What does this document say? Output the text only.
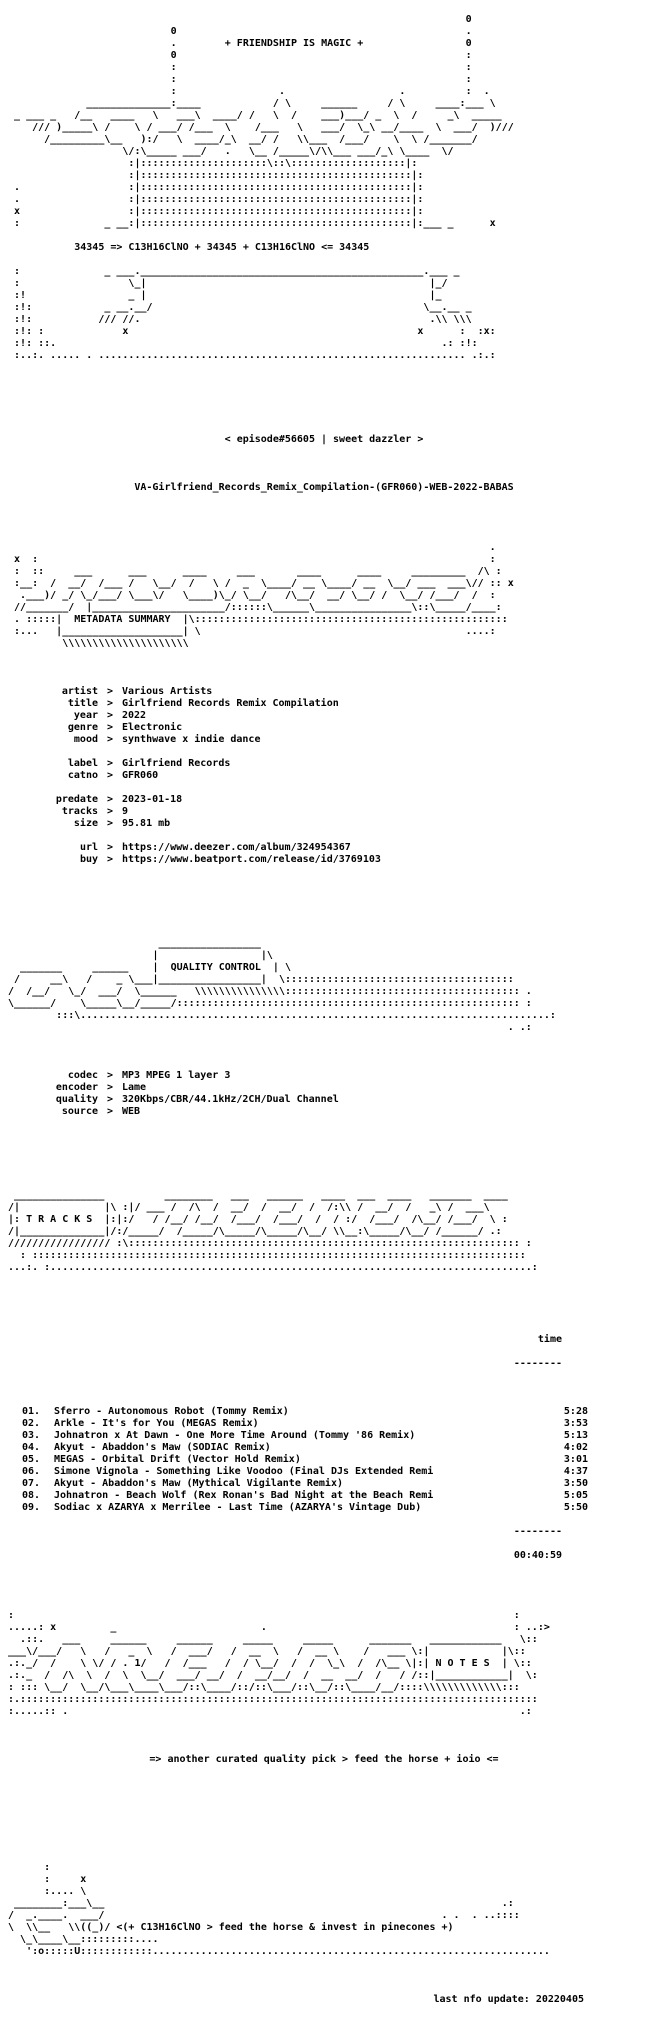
0
0                                                .
.        + FRIENDSHIP IS MAGIC +                 0
0                                                :
:                                                :
:                                                :
:                 .                   .          :  .
______________:____            / \     ______     / \     ____:___ \
_ ___ _   /__   ____   \   ___\  ____/ /   \  /    ___)___/ _  \  /     _\  _____
/// )_____\ /    \ / ___/ /___  \    /___   \   ___/  \_\ __/____  \  ___/  )///
/_________\__   ):/   \  ____/_\  __/ /   \\___  /___/    \  \ /_______/
\/:\_____ ___/   .   \__ /_____\/\\___ ___/_\ \____  \/
:|:::::::::::::::::::::\::\:::::::::::::::::::|:
:|:::::::::::::::::::::::::::::::::::::::::::::|:
.                  :|:::::::::::::::::::::::::::::::::::::::::::::|:
.                  :|:::::::::::::::::::::::::::::::::::::::::::::|:
x                  :|:::::::::::::::::::::::::::::::::::::::::::::|:
:              _ __:|:::::::::::::::::::::::::::::::::::::::::::::|:___ _      x

34345 => C13H16ClNO + 34345 + C13H16ClNO <= 34345

:              _ ___._______________________________________________.___ _
:                  \_|                                               |_/
:!                 _ |                                               |_
:!:            _ __.__/                                             \__.__ _
:!:           /// //.                                                .\\ \\\
:!: :             x                                                x      :  :x:
:!: ::.                                                                .: :!:
:..:. ..... . ............................................................. .:.:

< episode#56605 | sweet dazzler >

VA-Girlfriend_Records_Remix_Compilation-(GFR060)-WEB-2022-BABAS

.
x  :                                                                           :
:  ::     ___      ___      ____     ___       ____      ____     _________  /\ :
:__:  /  __/  /___ /   \__/  /   \ /  _  \____/ __ \____/ __  \__/ ___  ___\// :: x
.___)/ _/ \_/___/ \___\/   \____)\_/ \__/   /\__/  __/ \__/ /  \__/ /___/  /  :
//_______/  |______________________/::::::\______\________________\::\_____/____:
. :::::|  METADATA SUMMARY  |\::::::::::::::::::::::::::::::::::::::::::::::::::::
:...   |____________________| \                                            ....:
\\\\\\\\\\\\\\\\\\\\\

artist > Various Artists
title > Girlfriend Records Remix Compilation
year > 2022
genre > Electronic
mood > synthwave x indie dance

label > Girlfriend Records
catno > GFR060

predate > 2023-01-18
tracks > 9
size > 95.81 mb

url > https://www.deezer.com/album/324954367
buy > https://www.beatport.com/release/id/3769103

_________________
|                 |\
_______     ______    |  QUALITY CONTROL  | \
/     __\   /    _ \___|_________________|  \::::::::::::::::::::::::::::::::::::::
/  /__/   \_/  ___/  \______   \\\\\\\\\\\\\\\::::::::::::::::::::::::::::::::::::::: .
\______/    \_____\__/_____/::::::::::::::::::::::::::::::::::::::::::::::::::::::::: :
:::\..............................................................................:
. .:

codec > MP3 MPEG 1 layer 3
encoder > Lame
quality > 320Kbps/CBR/44.1kHz/2CH/Dual Channel
source > WEB

_______________          ________   ___   ______   ____  ___  ____   _______  ____
/|              |\ :|/ ___ /  /\  /  __/  /  __/  /  /:\\ /  __/  /   _\ /  ___\
|: T R A C K S  |:|:/   / /__/ /__/  /___/  /___/  /  / :/  /___/  /\__/ /___/  \ :
/|______________|/:/_____/  /_____/\_____/\_____/\__/ \\__:\_____/\__/ /______/ .:
///////////////// :\::::::::::::::::::::::::::::::::::::::::::::::::::::::::::::::::: :
: ::::::::::::::::::::::::::::::::::::::::::::::::::::::::::::::::::::::::::::::::::
...:. :................................................................................:

time

--------

01. Sferro - Autonomous Robot (Tommy Remix)	5:28
02. Arkle - It's for You (MEGAS Remix)	3:53
03. Johnatron x At Dawn - One More Time Around (Tommy '86 Remix)	5:13
04. Akyut - Abaddon's Maw (SODIAC Remix)	4:02
05. MEGAS - Orbital Drift (Vector Hold Remix)	3:01
06. Simone Vignola - Something Like Voodoo (Final DJs Extended Remi	4:37
07. Akyut - Abaddon's Maw (Mythical Vigilante Remix)	3:50
08. Johnatron - Beach Wolf (Rex Ronan's Bad Night at the Beach Remi	5:05
09. Sodiac x AZARYA x Merrilee - Last Time (AZARYA's Vintage Dub)	5:50

--------

00:40:59

:                                                                                   :
.....: x         _                        .                                         : ..:>
.::.   ___     ______     ______     _____     _____      _______   ____________   \::
___\/___/   \   /   _  \   /  ___/   /  __  \   /  __ \    /   ___ \:|            |\::
.:._/  /    \ \/ / . 1/   /  /___   /  / \__/  /  /  \_\  /  /\__ \|:| N O T E S  | \::
.:._  /  /\  \  /  \  \__/  ___/ __/  /  __/__/  /  __  __/  /   / /::|____________|  \:
: ::: \__/  \__/\___\____\___/::\____/::/::\___/::\__/::\____/__/::::\\\\\\\\\\\\\:::
:.::::::::::::::::::::::::::::::::::::::::::::::::::::::::::::::::::::::::::::::::::::::
:.....:: .                                                                           .:

=> another curated quality pick > feed the horse + ioio <=

:
:     x
:.... \
________:___\__                                                                  .:
/  _.____.  ___/                                                        . .  . ..::::
\  \\__   \\((_)/ <(+ C13H16ClNO > feed the horse & invest in pinecones +)
\_\____\__:::::::::....
':o:::::U::::::::::::..................................................................

last nfo update: 20220405
